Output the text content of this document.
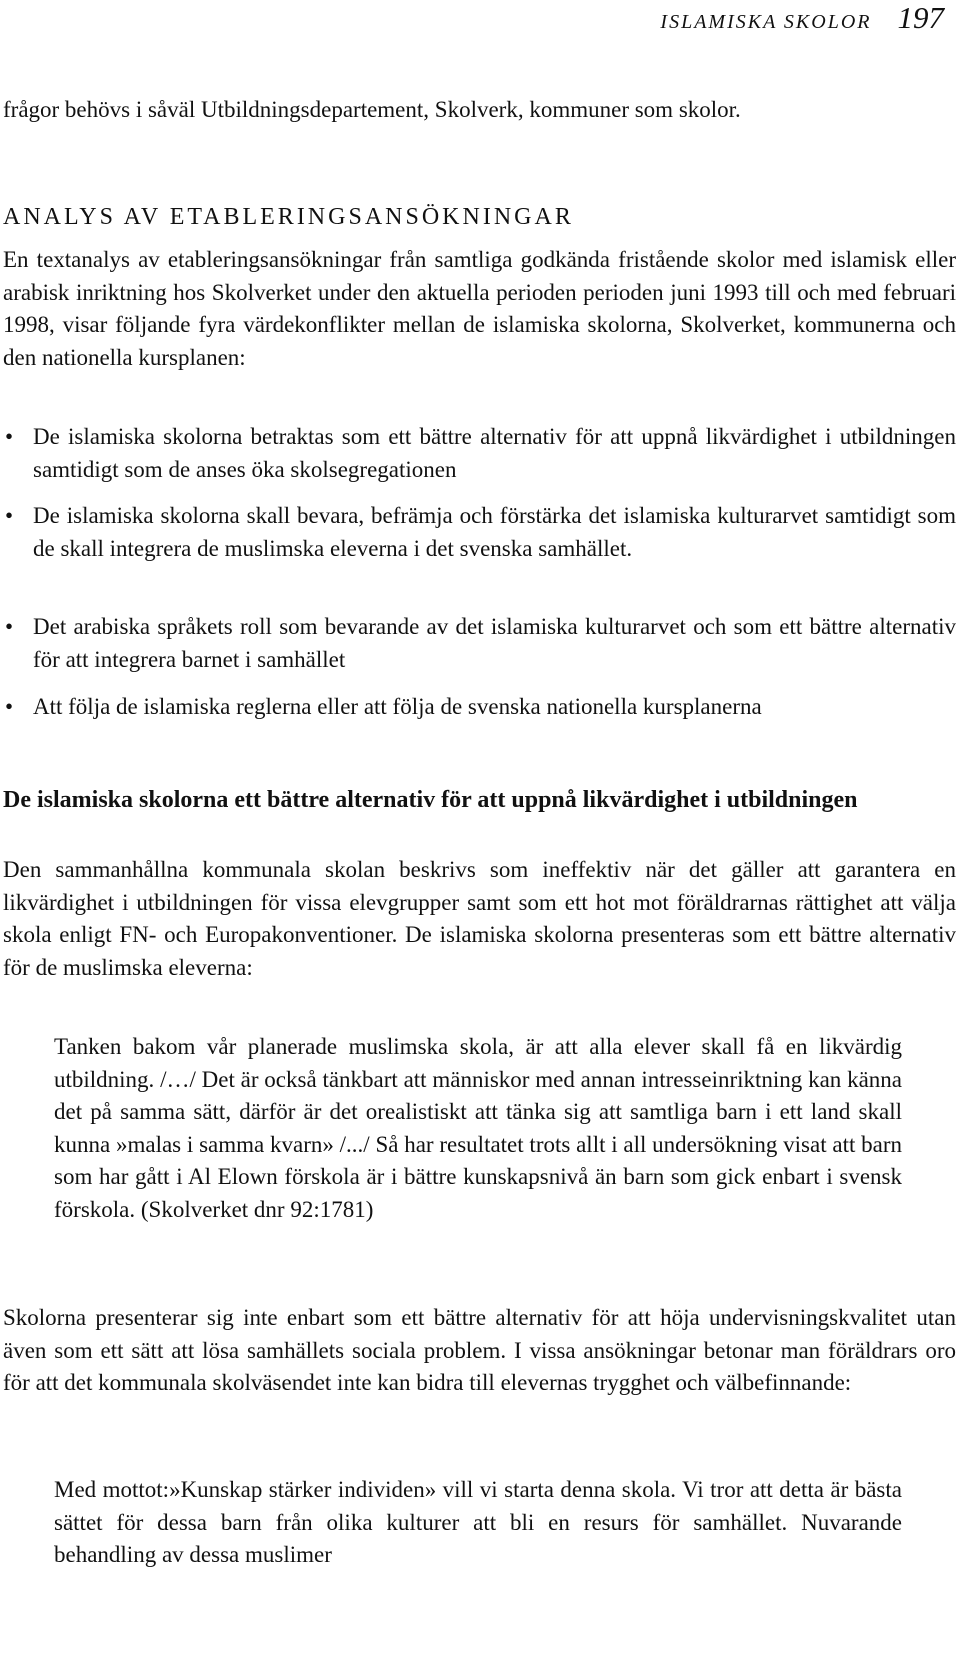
ISLAMISKA SKOLOR 197

frågor behövs i såväl Utbildningsdepartement, Skolverk, kommuner som skolor.

ANALYS AV ETABLERINGSANSÖKNINGAR

En textanalys av etableringsansökningar från samtliga godkända fristående skolor med islamisk eller arabisk inriktning hos Skolverket under den aktuella perioden perioden juni 1993 till och med februari 1998, visar följande fyra värdekonflikter mellan de islamiska skolorna, Skolverket, kommunerna och den nationella kursplanen:

• De islamiska skolorna betraktas som ett bättre alternativ för att uppnå likvärdighet i utbildningen samtidigt som de anses öka skolsegregationen
• De islamiska skolorna skall bevara, befrämja och förstärka det islamiska kulturarvet samtidigt som de skall integrera de muslimska eleverna i det svenska samhället.
• Det arabiska språkets roll som bevarande av det islamiska kulturarvet och som ett bättre alternativ för att integrera barnet i samhället
• Att följa de islamiska reglerna eller att följa de svenska nationella kursplanerna
De islamiska skolorna ett bättre alternativ för att uppnå likvärdighet i utbildningen

Den sammanhållna kommunala skolan beskrivs som ineffektiv när det gäller att garantera en likvärdighet i utbildningen för vissa elevgrupper samt som ett hot mot föräldrarnas rättighet att välja skola enligt FN- och Europakonventioner. De islamiska skolorna presenteras som ett bättre alternativ för de muslimska eleverna:

Tanken bakom vår planerade muslimska skola, är att alla elever skall få en likvärdig utbildning. /…/ Det är också tänkbart att människor med annan intresseinriktning kan känna det på samma sätt, därför är det orealistiskt att tänka sig att samtliga barn i ett land skall kunna »malas i samma kvarn» /.../ Så har resultatet trots allt i all undersökning visat att barn som har gått i Al Elown förskola är i bättre kunskapsnivå än barn som gick enbart i svensk förskola. (Skolverket dnr 92:1781)

Skolorna presenterar sig inte enbart som ett bättre alternativ för att höja undervisningskvalitet utan även som ett sätt att lösa samhällets sociala problem. I vissa ansökningar betonar man föräldrars oro för att det kommunala skolväsendet inte kan bidra till elevernas trygghet och välbefinnande:

Med mottot:»Kunskap stärker individen» vill vi starta denna skola. Vi tror att detta är bästa sättet för dessa barn från olika kulturer att bli en resurs för samhället. Nuvarande behandling av dessa muslimer
